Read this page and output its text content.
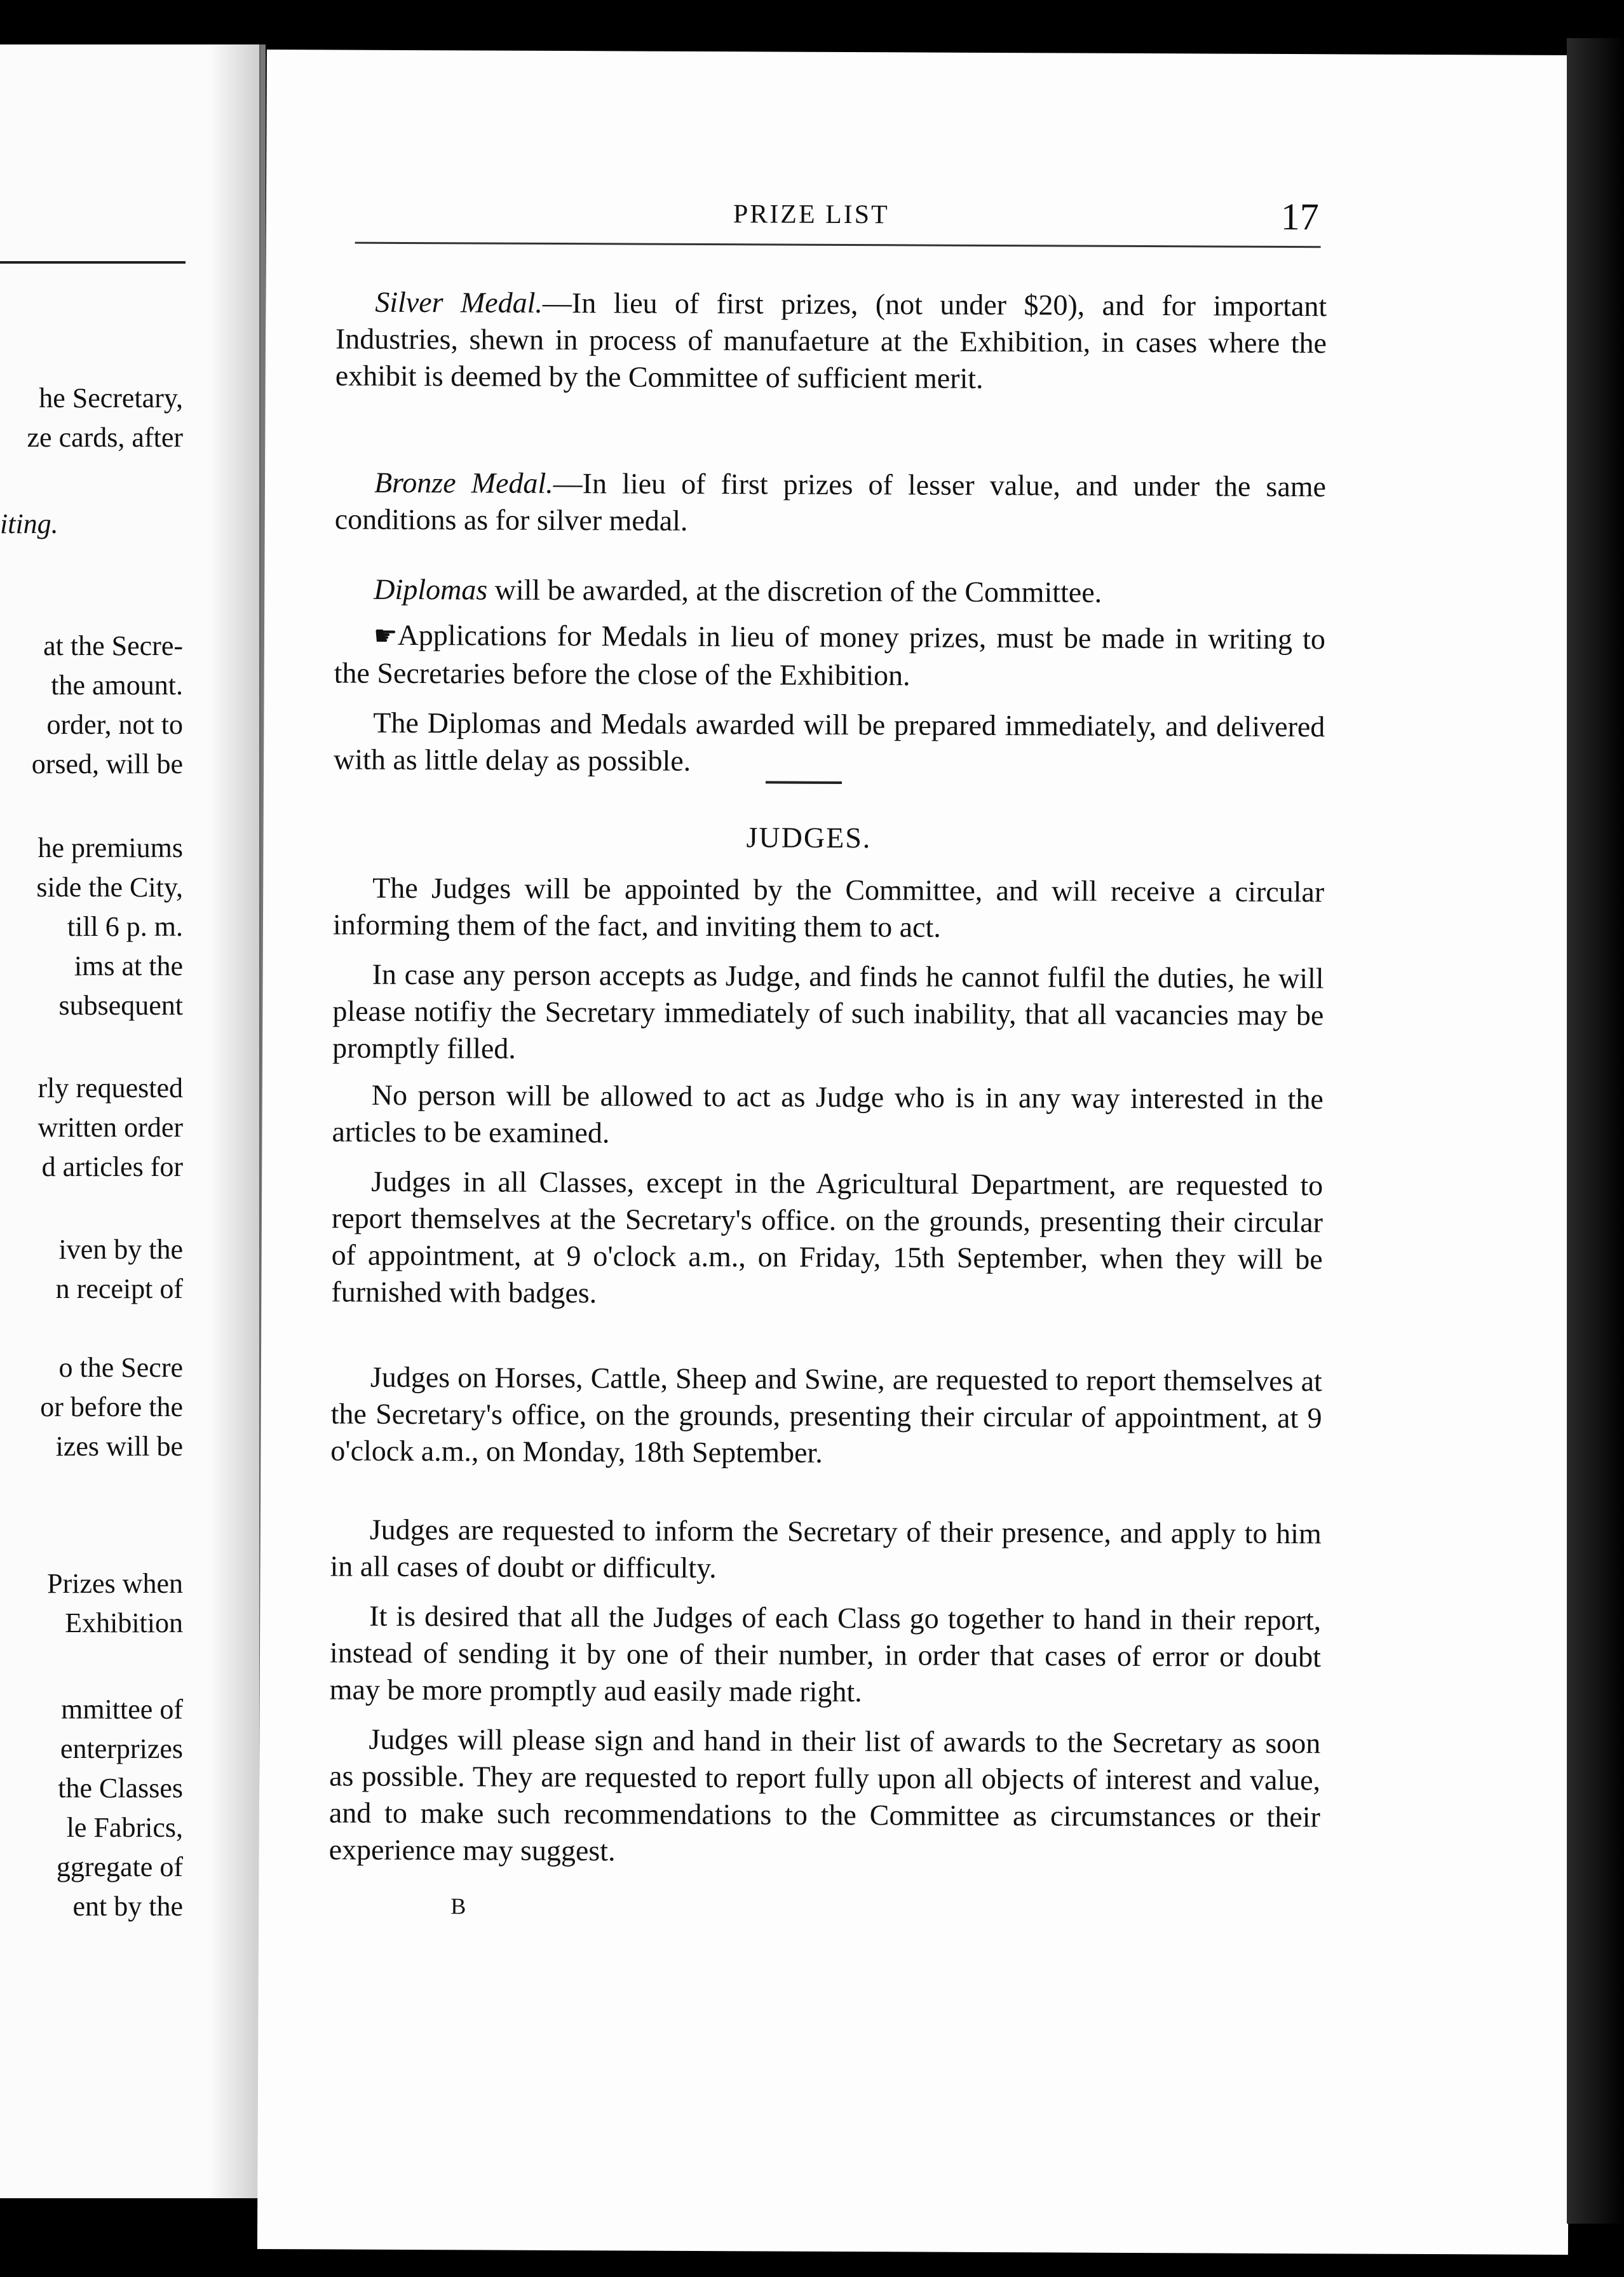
he Secretary,
ze cards, after
iting.
at the Secre-
the amount.
order, not to
orsed, will be
he premiums
side the City,
till 6 p. m.
ims at the
subsequent
rly requested
written order
d articles for
iven by the
n receipt of
o the Secre
or before the
izes will be
Prizes when
Exhibition
mmittee of
enterprizes
the Classes
le Fabrics,
ggregate of
ent by the
PRIZE LIST	17
Silver Medal.—In lieu of first prizes, (not under $20), and for important Industries, shewn in process of manufaeture at the Exhibition, in cases where the exhibit is deemed by the Committee of sufficient merit.
Bronze Medal.—In lieu of first prizes of lesser value, and under the same conditions as for silver medal.
Diplomas will be awarded, at the discretion of the Committee.
☛Applications for Medals in lieu of money prizes, must be made in writing to the Secretaries before the close of the Exhibition.
The Diplomas and Medals awarded will be prepared immediately, and delivered with as little delay as possible.
JUDGES.
The Judges will be appointed by the Committee, and will receive a circular informing them of the fact, and inviting them to act.
In case any person accepts as Judge, and finds he cannot fulfil the duties, he will please notifiy the Secretary immediately of such inability, that all vacancies may be promptly filled.
No person will be allowed to act as Judge who is in any way interested in the articles to be examined.
Judges in all Classes, except in the Agricultural Department, are requested to report themselves at the Secretary's office. on the grounds, presenting their circular of appointment, at 9 o'clock a.m., on Friday, 15th September, when they will be furnished with badges.
Judges on Horses, Cattle, Sheep and Swine, are requested to report themselves at the Secretary's office, on the grounds, presenting their circular of appointment, at 9 o'clock a.m., on Monday, 18th September.
Judges are requested to inform the Secretary of their presence, and apply to him in all cases of doubt or difficulty.
It is desired that all the Judges of each Class go together to hand in their report, instead of sending it by one of their number, in order that cases of error or doubt may be more promptly aud easily made right.
Judges will please sign and hand in their list of awards to the Secretary as soon as possible. They are requested to report fully upon all objects of interest and value, and to make such recommendations to the Committee as circumstances or their experience may suggest.
B
